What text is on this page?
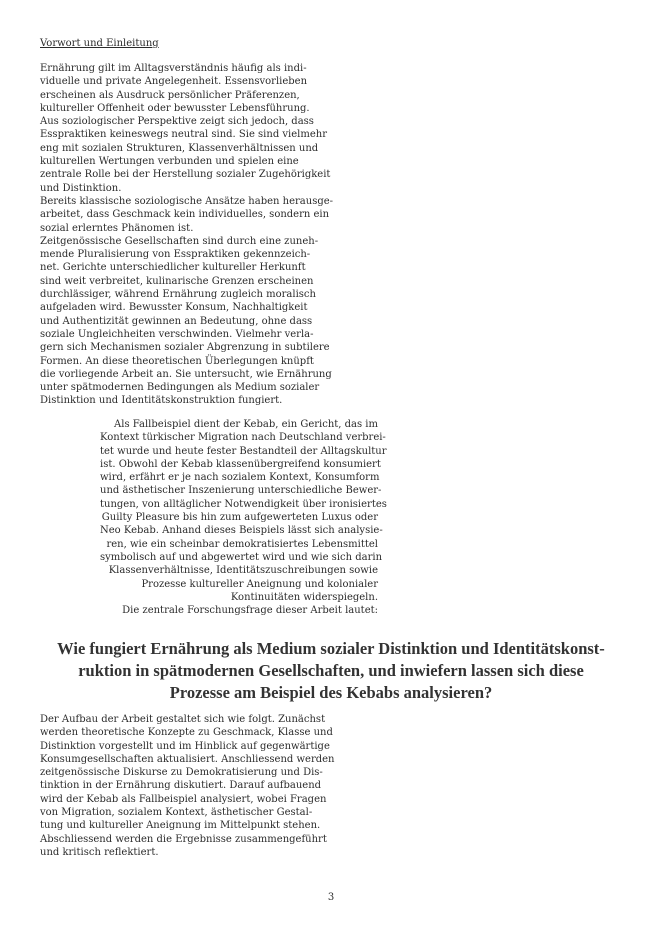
Vorwort und Einleitung
Ernährung gilt im Alltagsverständnis häufig als indi-
viduelle und private Angelegenheit. Essensvorlieben
erscheinen als Ausdruck persönlicher Präferenzen,
kultureller Offenheit oder bewusster Lebensführung.
Aus soziologischer Perspektive zeigt sich jedoch, dass
Esspraktiken keineswegs neutral sind. Sie sind vielmehr
eng mit sozialen Strukturen, Klassenverhältnissen und
kulturellen Wertungen verbunden und spielen eine
zentrale Rolle bei der Herstellung sozialer Zugehörigkeit
und Distinktion.
Bereits klassische soziologische Ansätze haben herausge-
arbeitet, dass Geschmack kein individuelles, sondern ein
sozial erlerntes Phänomen ist.
Zeitgenössische Gesellschaften sind durch eine zuneh-
mende Pluralisierung von Esspraktiken gekennzeich-
net. Gerichte unterschiedlicher kultureller Herkunft
sind weit verbreitet, kulinarische Grenzen erscheinen
durchlässiger, während Ernährung zugleich moralisch
aufgeladen wird. Bewusster Konsum, Nachhaltigkeit
und Authentizität gewinnen an Bedeutung, ohne dass
soziale Ungleichheiten verschwinden. Vielmehr verla-
gern sich Mechanismen sozialer Abgrenzung in subtilere
Formen. An diese theoretischen Überlegungen knüpft
die vorliegende Arbeit an. Sie untersucht, wie Ernährung
unter spätmodernen Bedingungen als Medium sozialer
Distinktion und Identitätskonstruktion fungiert.
Als Fallbeispiel dient der Kebab, ein Gericht, das im
Kontext türkischer Migration nach Deutschland verbrei-
tet wurde und heute fester Bestandteil der Alltagskultur
ist. Obwohl der Kebab klassenübergreifend konsumiert
wird, erfährt er je nach sozialem Kontext, Konsumform
und ästhetischer Inszenierung unterschiedliche Bewer-
tungen, von alltäglicher Notwendigkeit über ironisiertes
Guilty Pleasure bis hin zum aufgewerteten Luxus oder
Neo Kebab. Anhand dieses Beispiels lässt sich analysie-
ren, wie ein scheinbar demokratisiertes Lebensmittel
symbolisch auf und abgewertet wird und wie sich darin
Klassenverhältnisse, Identitätszuschreibungen sowie
Prozesse kultureller Aneignung und kolonialer
Kontinuitäten widerspiegeln.
Die zentrale Forschungsfrage dieser Arbeit lautet:
Wie fungiert Ernährung als Medium sozialer Distinktion und Identitätskonst-
ruktion in spätmodernen Gesellschaften, und inwiefern lassen sich diese
Prozesse am Beispiel des Kebabs analysieren?
Der Aufbau der Arbeit gestaltet sich wie folgt. Zunächst
werden theoretische Konzepte zu Geschmack, Klasse und
Distinktion vorgestellt und im Hinblick auf gegenwärtige
Konsumgesellschaften aktualisiert. Anschliessend werden
zeitgenössische Diskurse zu Demokratisierung und Dis-
tinktion in der Ernährung diskutiert. Darauf aufbauend
wird der Kebab als Fallbeispiel analysiert, wobei Fragen
von Migration, sozialem Kontext, ästhetischer Gestal-
tung und kultureller Aneignung im Mittelpunkt stehen.
Abschliessend werden die Ergebnisse zusammengeführt
und kritisch reflektiert.
3
